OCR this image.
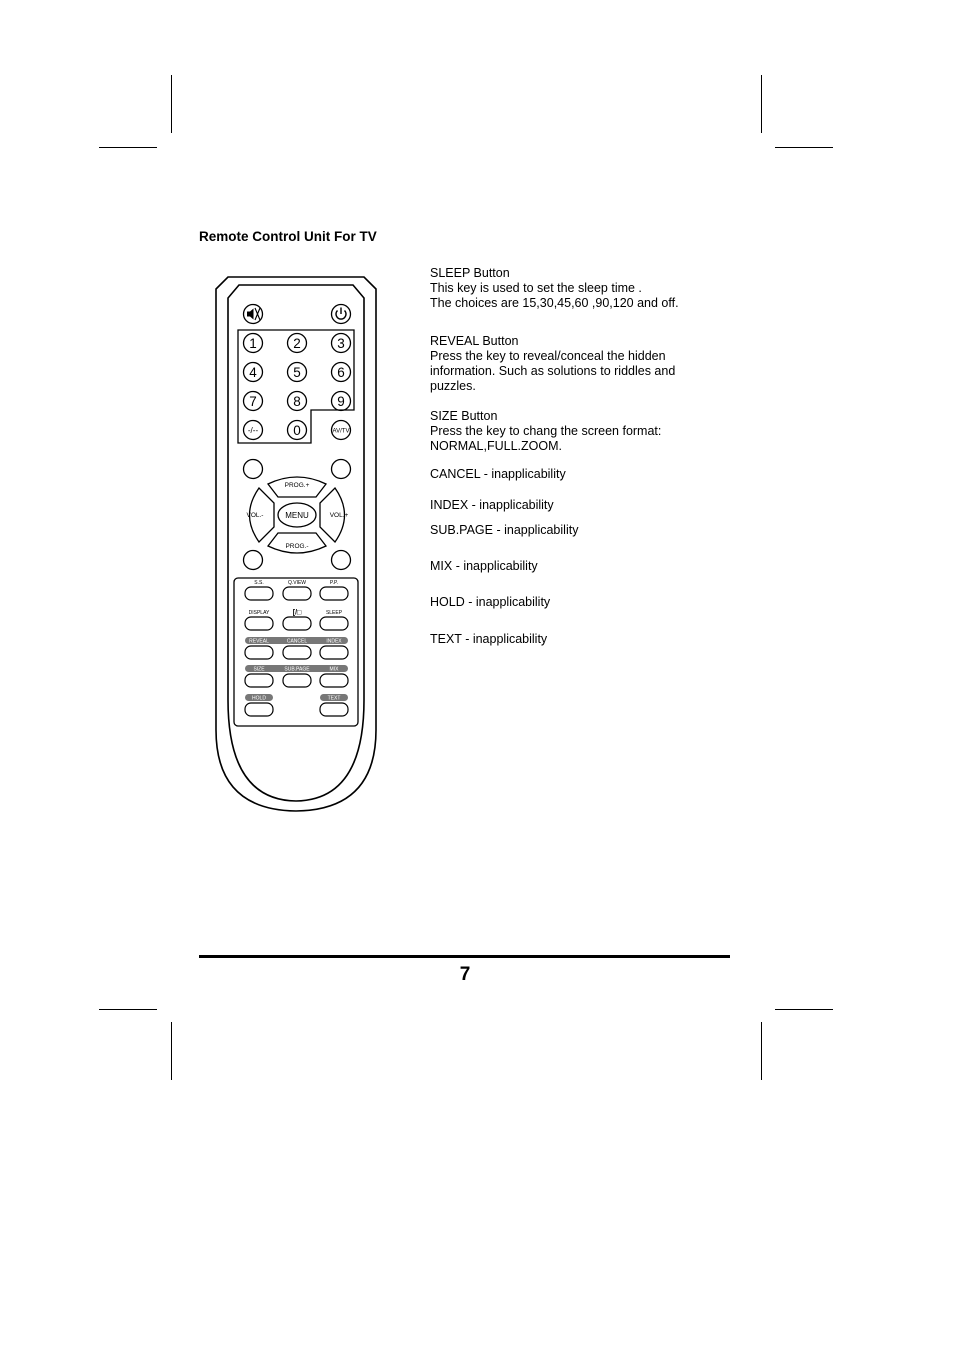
Remote Control Unit For TV
1	2	3
4	5	6
7	8	9
0
-/--	AV/TV
PROG.+
PROG.-
VOL.-	VOL.+
MENU
S.S.	Q.VIEW	P.P.
DISPLAY	[/□	SLEEP
REVEAL	CANCEL	INDEX
SIZE	SUB.PAGE	MIX
HOLD	TEXT
SLEEP Button
This key is used to set the sleep time .
The choices are 15,30,45,60 ,90,120 and off.
REVEAL Button
Press the key to reveal/conceal the hidden
information. Such as solutions to riddles and
puzzles.
SIZE Button
Press the key to chang the screen format:
NORMAL,FULL.ZOOM.
CANCEL - inapplicability
INDEX - inapplicability
SUB.PAGE - inapplicability
MIX - inapplicability
HOLD - inapplicability
TEXT - inapplicability
7
